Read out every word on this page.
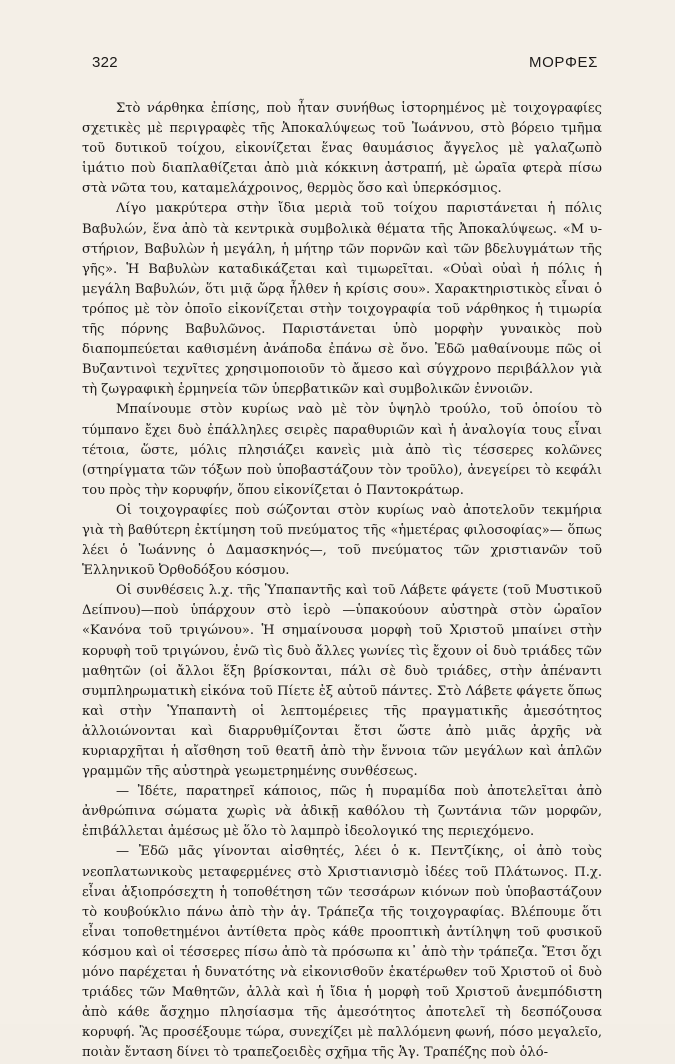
322	ΜΟΡΦΕΣ

Στὸ νάρθηκα ἐπίσης, ποὺ ἦταν συνήθως ἱστορημένος μὲ τοιχογραφίες σχετικὲς μὲ περιγραφὲς τῆς Ἀποκαλύψεως τοῦ Ἰωάννου, στὸ βόρειο τμῆμα τοῦ δυτικοῦ τοίχου, εἰκονίζεται ἕνας θαυμάσιος ἄγγελος μὲ γαλαζωπὸ ἱμάτιο ποὺ διαπλαθίζεται ἀπὸ μιὰ κόκκινη ἀστραπή, μὲ ὡραῖα φτερὰ πίσω στὰ νῶτα του, καταμελάχροινος, θερμὸς ὅσο καὶ ὑπερκόσμιος.

Λίγο μακρύτερα στὴν ἴδια μεριὰ τοῦ τοίχου παριστάνεται ἡ πόλις Βαβυλών, ἕνα ἀπὸ τὰ κεντρικὰ συμβολικὰ θέματα τῆς Ἀποκαλύψεως. «Μ υ-στήριον, Βαβυλὼν ἡ μεγάλη, ἡ μήτηρ τῶν πορνῶν καὶ τῶν βδελυγμάτων τῆς γῆς». Ἡ Βαβυλὼν καταδικάζεται καὶ τιμωρεῖται. «Οὐαὶ οὐαὶ ἡ πόλις ἡ μεγάλη Βαβυλών, ὅτι μιᾷ ὥρᾳ ἦλθεν ἡ κρίσις σου». Χαρακτηριστικὸς εἶναι ὁ τρόπος μὲ τὸν ὁποῖο εἰκονίζεται στὴν τοιχογραφία τοῦ νάρθηκος ἡ τιμωρία τῆς πόρνης Βαβυλῶνος. Παριστάνεται ὑπὸ μορφὴν γυναικὸς ποὺ διαπομπεύεται καθισμένη ἀνάποδα ἐπάνω σὲ ὄνο. Ἐδῶ μαθαίνουμε πῶς οἱ Βυζαντινοὶ τεχνῖτες χρησιμοποιοῦν τὸ ἄμεσο καὶ σύγχρονο περιβάλλον γιὰ τὴ ζωγραφικὴ ἑρμηνεία τῶν ὑπερβατικῶν καὶ συμβολικῶν ἐννοιῶν.

Μπαίνουμε στὸν κυρίως ναὸ μὲ τὸν ὑψηλὸ τρούλο, τοῦ ὁποίου τὸ τύμπανο ἔχει δυὸ ἐπάλληλες σειρὲς παραθυριῶν καὶ ἡ ἀναλογία τους εἶναι τέτοια, ὥστε, μόλις πλησιάζει κανεὶς μιὰ ἀπὸ τὶς τέσσερες κολῶνες (στηρίγματα τῶν τόξων ποὺ ὑποβαστάζουν τὸν τροῦλο), ἀνεγείρει τὸ κεφάλι του πρὸς τὴν κορυφήν, ὅπου εἰκονίζεται ὁ Παντοκράτωρ.

Οἱ τοιχογραφίες ποὺ σώζονται στὸν κυρίως ναὸ ἀποτελοῦν τεκμήρια γιὰ τὴ βαθύτερη ἐκτίμηση τοῦ πνεύματος τῆς «ἡμετέρας φιλοσοφίας»— ὅπως λέει ὁ Ἰωάννης ὁ Δαμασκηνός—, τοῦ πνεύματος τῶν χριστιανῶν τοῦ Ἑλληνικοῦ Ὀρθοδόξου κόσμου.

Οἱ συνθέσεις λ.χ. τῆς Ὑπαπαντῆς καὶ τοῦ Λάβετε φάγετε (τοῦ Μυστικοῦ Δείπνου)—ποὺ ὑπάρχουν στὸ ἱερὸ —ὑπακούουν αὐστηρὰ στὸν ὡραῖον «Κανόνα τοῦ τριγώνου». Ἡ σημαίνουσα μορφὴ τοῦ Χριστοῦ μπαίνει στὴν κορυφὴ τοῦ τριγώνου, ἐνῶ τὶς δυὸ ἄλλες γωνίες τὶς ἔχουν οἱ δυὸ τριάδες τῶν μαθητῶν (οἱ ἄλλοι ἕξη βρίσκονται, πάλι σὲ δυὸ τριάδες, στὴν ἀπέναντι συμπληρωματικὴ εἰκόνα τοῦ Πίετε ἐξ αὐτοῦ πάντες. Στὸ Λάβετε φάγετε ὅπως καὶ στὴν Ὑπαπαντὴ οἱ λεπτομέρειες τῆς πραγματικῆς ἀμεσότητος ἀλλοιώνονται καὶ διαρρυθμίζονται ἔτσι ὥστε ἀπὸ μιᾶς ἀρχῆς νὰ κυριαρχῆται ἡ αἴσθηση τοῦ θεατῆ ἀπὸ τὴν ἔννοια τῶν μεγάλων καὶ ἁπλῶν γραμμῶν τῆς αὐστηρὰ γεωμετρημένης συνθέσεως.

— Ἰδέτε, παρατηρεῖ κάποιος, πῶς ἡ πυραμίδα ποὺ ἀποτελεῖται ἀπὸ ἀνθρώπινα σώματα χωρὶς νὰ ἀδικῇ καθόλου τὴ ζωντάνια τῶν μορφῶν, ἐπιβάλλεται ἀμέσως μὲ ὅλο τὸ λαμπρὸ ἰδεολογικό της περιεχόμενο.

— Ἐδῶ μᾶς γίνονται αἰσθητές, λέει ὁ κ. Πεντζίκης, οἱ ἀπὸ τοὺς νεοπλατωνικοὺς μεταφερμένες στὸ Χριστιανισμὸ ἰδέες τοῦ Πλάτωνος. Π.χ. εἶναι ἀξιοπρόσεχτη ἡ τοποθέτηση τῶν τεσσάρων κιόνων ποὺ ὑποβαστάζουν τὸ κουβούκλιο πάνω ἀπὸ τὴν ἁγ. Τράπεζα τῆς τοιχογραφίας. Βλέπουμε ὅτι εἶναι τοποθετημένοι ἀντίθετα πρὸς κάθε προοπτικὴ ἀντίληψη τοῦ φυσικοῦ κόσμου καὶ οἱ τέσσερες πίσω ἀπὸ τὰ πρόσωπα κι᾿ ἀπὸ τὴν τράπεζα. Ἔτσι ὄχι μόνο παρέχεται ἡ δυνατότης νὰ εἰκονισθοῦν ἑκατέρωθεν τοῦ Χριστοῦ οἱ δυὸ τριάδες τῶν Μαθητῶν, ἀλλὰ καὶ ἡ ἴδια ἡ μορφὴ τοῦ Χριστοῦ ἀνεμπόδιστη ἀπὸ κάθε ἄσχημο πλησίασμα τῆς ἀμεσότητος ἀποτελεῖ τὴ δεσπόζουσα κορυφή. Ἂς προσέξουμε τώρα, συνεχίζει μὲ παλλόμενη φωνή, πόσο μεγαλεῖο, ποιὰν ἔνταση δίνει τὸ τραπεζοειδὲς σχῆμα τῆς Ἁγ. Τραπέζης ποὺ ὁλό-
